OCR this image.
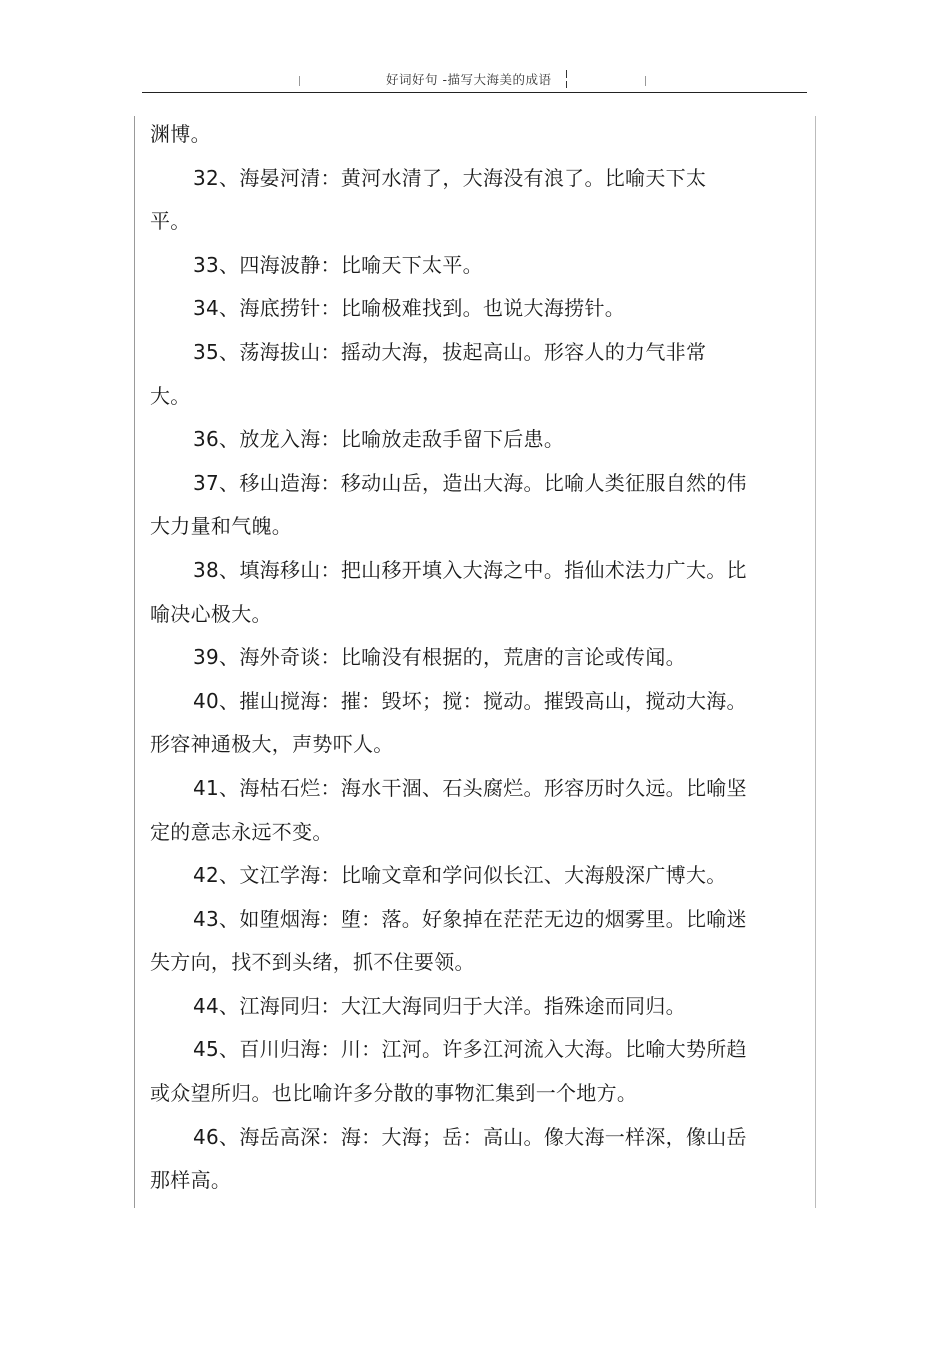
好词好句 -描写大海美的成语
渊博。
32、海晏河清：黄河水清了，大海没有浪了。比喻天下太
平。
33、四海波静：比喻天下太平。
34、海底捞针：比喻极难找到。也说大海捞针。
35、荡海拔山：摇动大海，拔起高山。形容人的力气非常
大。
36、放龙入海：比喻放走敌手留下后患。
37、移山造海：移动山岳，造出大海。比喻人类征服自然的伟
大力量和气魄。
38、填海移山：把山移开填入大海之中。指仙术法力广大。比
喻决心极大。
39、海外奇谈：比喻没有根据的，荒唐的言论或传闻。
40、摧山搅海：摧：毁坏；搅：搅动。摧毁高山，搅动大海。
形容神通极大，声势吓人。
41、海枯石烂：海水干涸、石头腐烂。形容历时久远。比喻坚
定的意志永远不变。
42、文江学海：比喻文章和学问似长江、大海般深广博大。
43、如堕烟海：堕：落。好象掉在茫茫无边的烟雾里。比喻迷
失方向，找不到头绪，抓不住要领。
44、江海同归：大江大海同归于大洋。指殊途而同归。
45、百川归海：川：江河。许多江河流入大海。比喻大势所趋
或众望所归。也比喻许多分散的事物汇集到一个地方。
46、海岳高深：海：大海；岳：高山。像大海一样深，像山岳
那样高。
